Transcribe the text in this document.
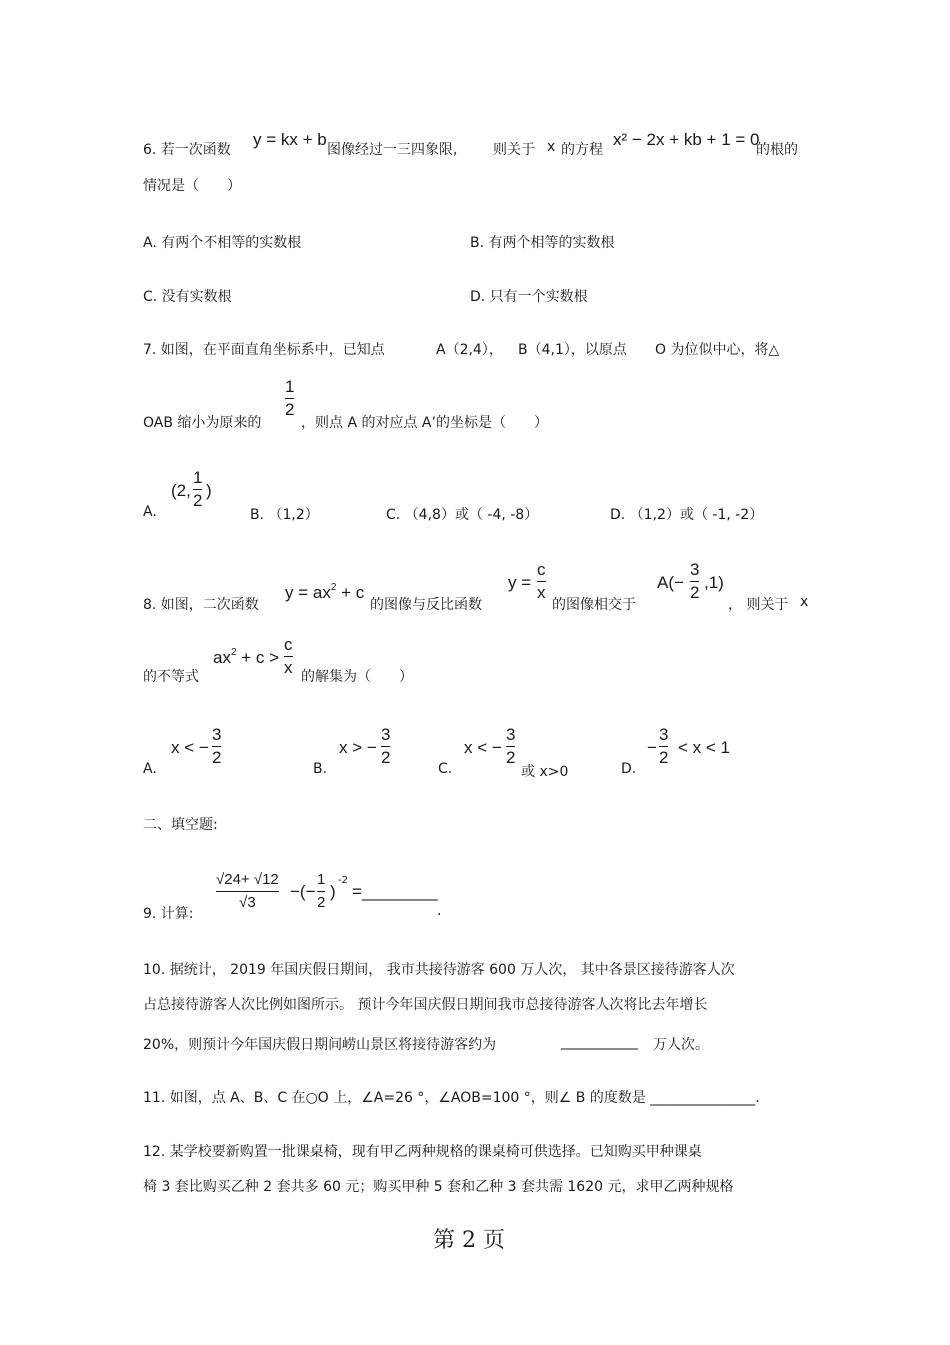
6. 若一次函数
y = kx + b
图像经过一三四象限,	则关于 x 的方程
x² − 2x + kb + 1 = 0
的根的
情况是（　　）
A. 有两个不相等的实数根	B. 有两个相等的实数根
C. 没有实数根	D. 只有一个实数根
7. 如图，在平面直角坐标系中，已知点	A（2,4）， B（4,1），以原点 O 为位似中心，将△
1
2
OAB 缩小为原来的	，则点 A 的对应点 A’的坐标是（　　）
A.
(2,
1
2
)
B. （1,2）	C. （4,8）或（ -4, -8）	D. （1,2）或（ -1, -2）
8. 如图，二次函数
$y = ax^2 + c$
的图像与反比函数
y =
c
x
的图像相交于
A(−
3
2
,1)
， 则关于 x
的不等式
$ax^2 + c$ >
c
x 的解集为（　　）
A.
x < −
3
2
B.
x > −
3
2
C.
x < −
3
2
或 x>0	D.
−
3
2
< x < 1
二、填空题:
9. 计算:
√24+ √12
√3
−(−
1
2
)
-2
=________
.
10. 据统计， 2019 年国庆假日期间， 我市共接待游客 600 万人次， 其中各景区接待游客人次
占总接待游客人次比例如图所示。 预计今年国庆假日期间我市总接待游客人次将比去年增长
20%，则预计今年国庆假日期间崂山景区将接待游客约为	___________ 万人次。
11. 如图，点 A、B、C 在○O 上，∠A=26 °，∠AOB=100 °，则∠ B 的度数是 _______________.
12. 某学校要新购置一批课桌椅，现有甲乙两种规格的课桌椅可供选择。已知购买甲种课桌
椅 3 套比购买乙种 2 套共多 60 元；购买甲种 5 套和乙种 3 套共需 1620 元，求甲乙两种规格
第 2 页
